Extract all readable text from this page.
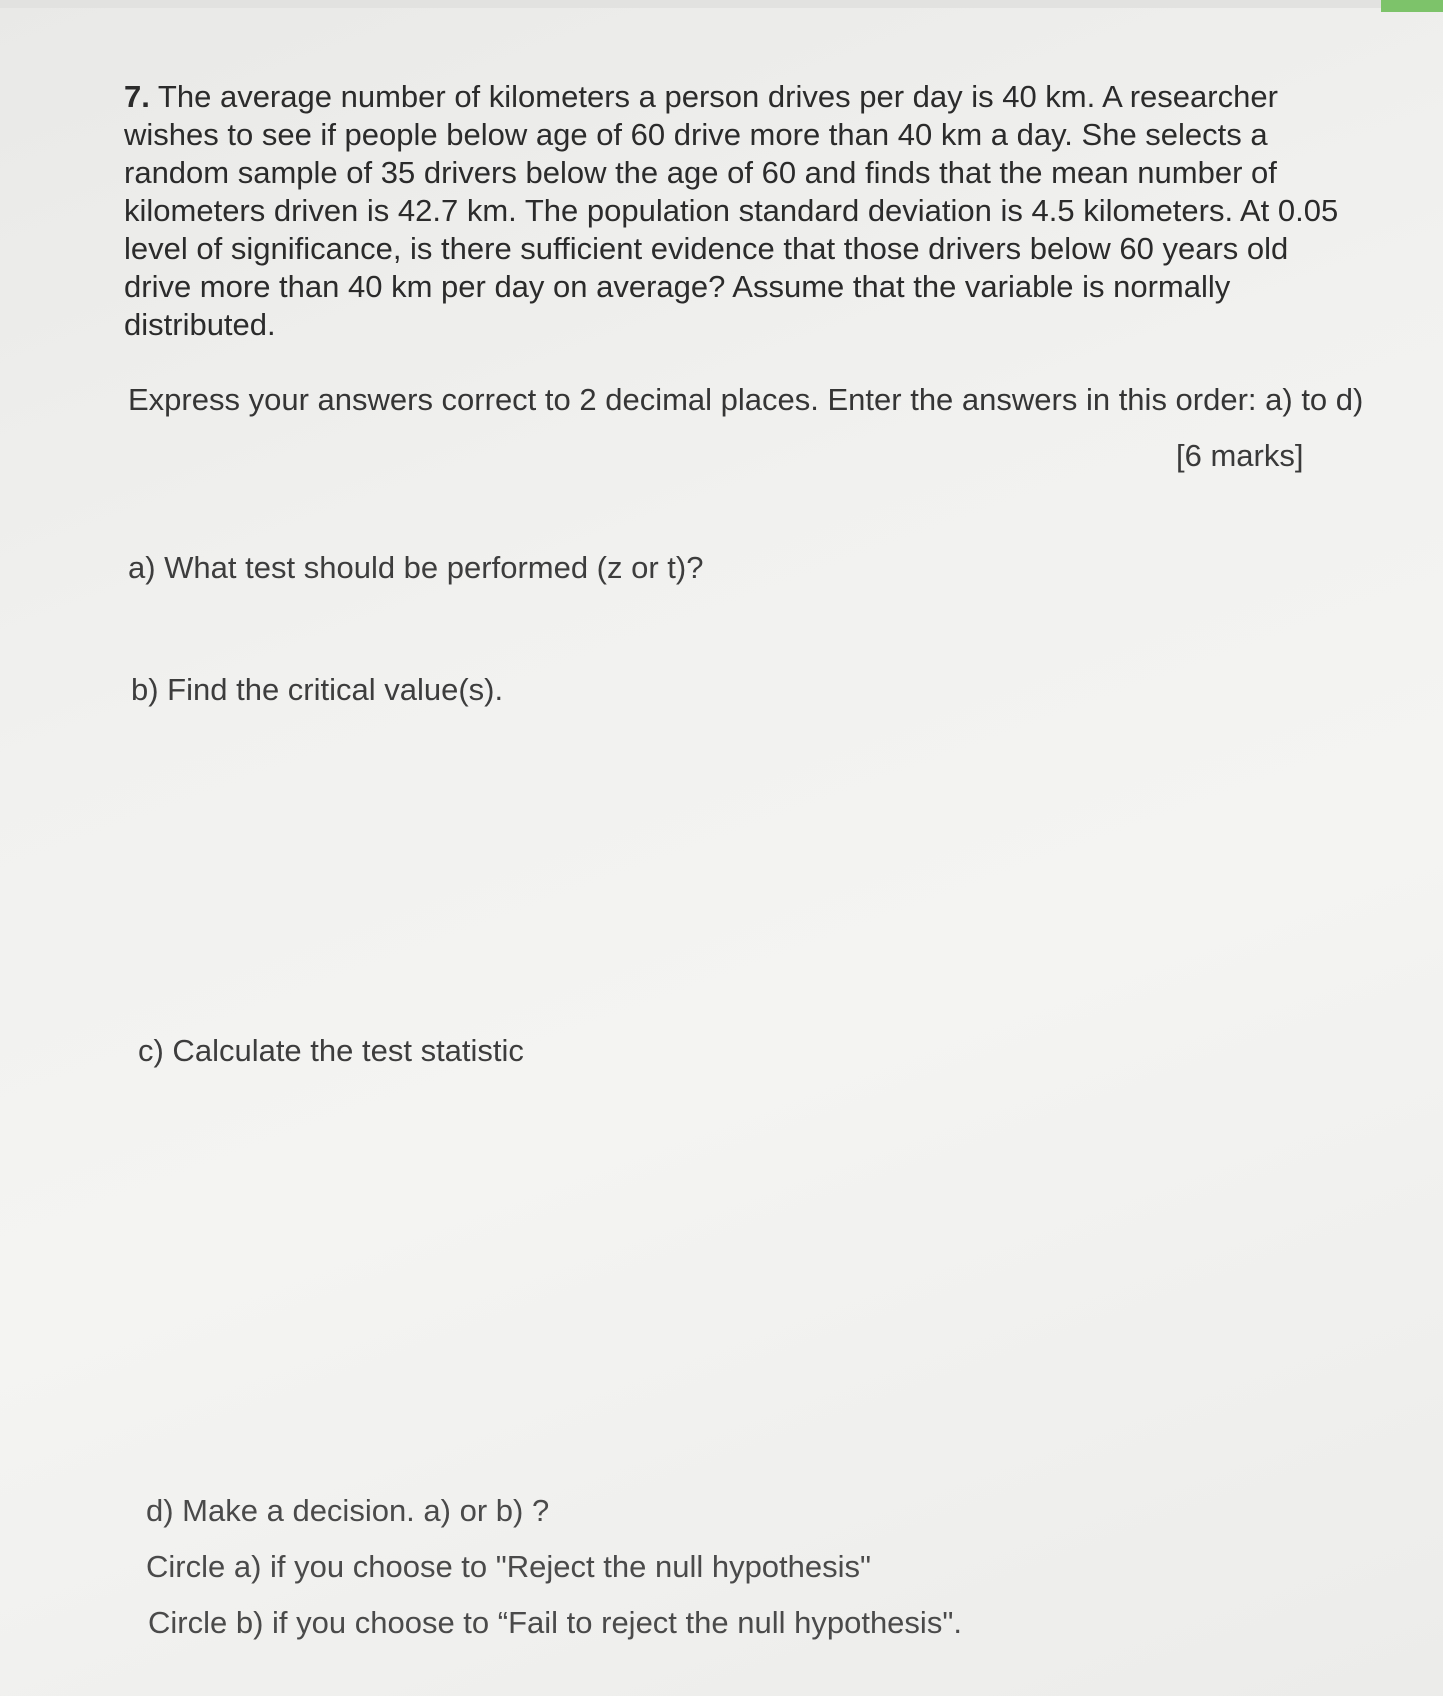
7. The average number of kilometers a person drives per day is 40 km. A researcher wishes to see if people below age of 60 drive more than 40 km a day. She selects a random sample of 35 drivers below the age of 60 and finds that the mean number of kilometers driven is 42.7 km. The population standard deviation is 4.5 kilometers. At 0.05 level of significance, is there sufficient evidence that those drivers below 60 years old drive more than 40 km per day on average? Assume that the variable is normally distributed.

Express your answers correct to 2 decimal places. Enter the answers in this order: a) to d)
[6 marks]
a) What test should be performed (z or t)?
b) Find the critical value(s).
c) Calculate the test statistic
d) Make a decision. a) or b) ?
Circle a) if you choose to "Reject the null hypothesis"
Circle b) if you choose to “Fail to reject the null hypothesis".
